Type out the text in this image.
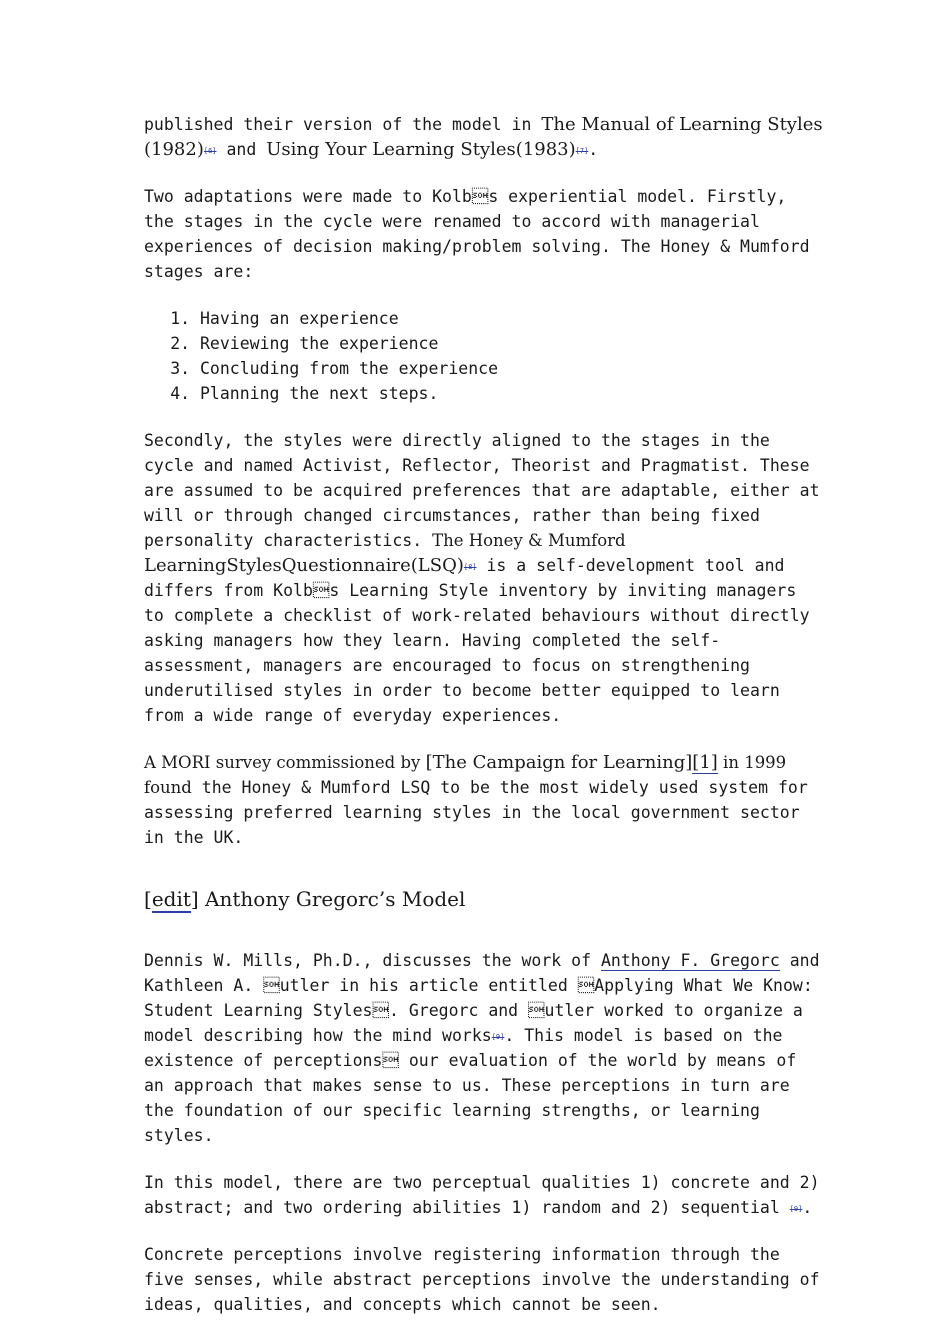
published their version of the model in The Manual of Learning Styles (1982)[6] and Using Your Learning Styles(1983)[7].

Two adaptations were made to Kolbs experiential model. Firstly, the stages in the cycle were renamed to accord with managerial experiences of decision making/problem solving. The Honey & Mumford stages are:

1. Having an experience
2. Reviewing the experience
3. Concluding from the experience
4. Planning the next steps.

Secondly, the styles were directly aligned to the stages in the cycle and named Activist, Reflector, Theorist and Pragmatist. These are assumed to be acquired preferences that are adaptable, either at will or through changed circumstances, rather than being fixed personality characteristics. The Honey & Mumford LearningStylesQuestionnaire(LSQ)[8] is a self-development tool and differs from Kolbs Learning Style inventory by inviting managers to complete a checklist of work-related behaviours without directly asking managers how they learn. Having completed the self-assessment, managers are encouraged to focus on strengthening underutilised styles in order to become better equipped to learn from a wide range of everyday experiences.

A MORI survey commissioned by [The Campaign for Learning][1] in 1999 found the Honey & Mumford LSQ to be the most widely used system for assessing preferred learning styles in the local government sector in the UK.

[edit] Anthony Gregorc’s Model

Dennis W. Mills, Ph.D., discusses the work of Anthony F. Gregorc and Kathleen A. utler in his article entitled Applying What We Know: Student Learning Styles. Gregorc and utler worked to organize a model describing how the mind works[9]. This model is based on the existence of perceptions our evaluation of the world by means of an approach that makes sense to us. These perceptions in turn are the foundation of our specific learning strengths, or learning styles.

In this model, there are two perceptual qualities 1) concrete and 2) abstract; and two ordering abilities 1) random and 2) sequential [9].

Concrete perceptions involve registering information through the five senses, while abstract perceptions involve the understanding of ideas, qualities, and concepts which cannot be seen.
